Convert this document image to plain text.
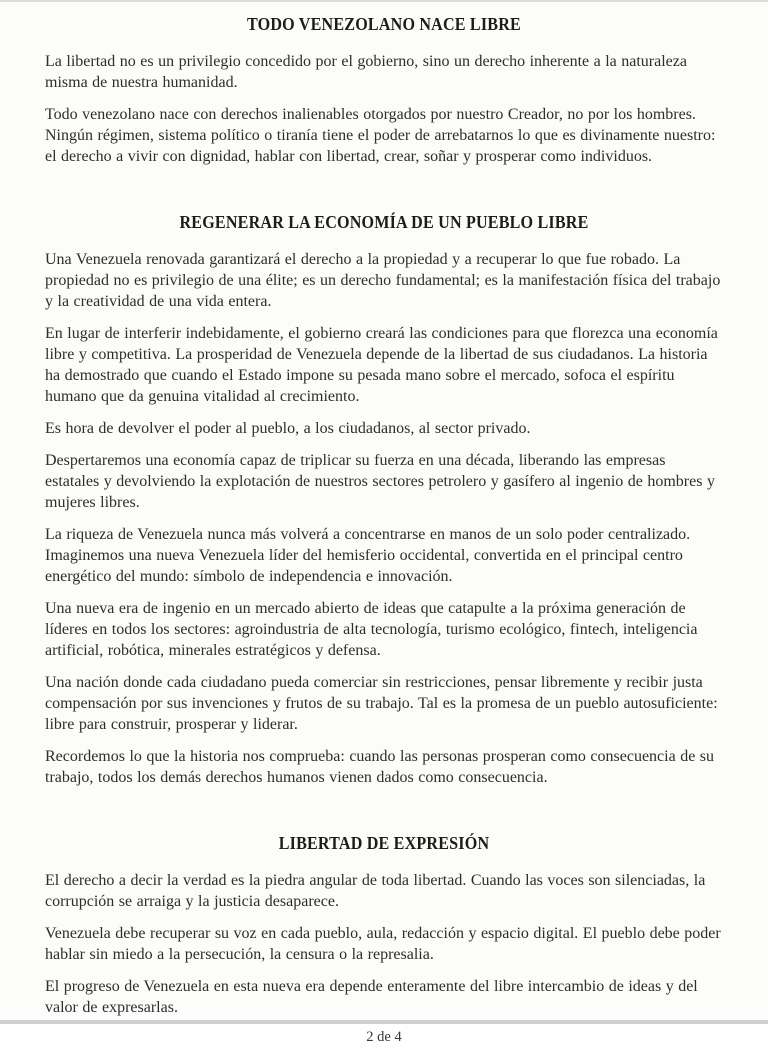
TODO VENEZOLANO NACE LIBRE

La libertad no es un privilegio concedido por el gobierno, sino un derecho inherente a la naturaleza misma de nuestra humanidad.

Todo venezolano nace con derechos inalienables otorgados por nuestro Creador, no por los hombres. Ningún régimen, sistema político o tiranía tiene el poder de arrebatarnos lo que es divinamente nuestro: el derecho a vivir con dignidad, hablar con libertad, crear, soñar y prosperar como individuos.

REGENERAR LA ECONOMÍA DE UN PUEBLO LIBRE

Una Venezuela renovada garantizará el derecho a la propiedad y a recuperar lo que fue robado. La propiedad no es privilegio de una élite; es un derecho fundamental; es la manifestación física del trabajo y la creatividad de una vida entera.

En lugar de interferir indebidamente, el gobierno creará las condiciones para que florezca una economía libre y competitiva. La prosperidad de Venezuela depende de la libertad de sus ciudadanos. La historia ha demostrado que cuando el Estado impone su pesada mano sobre el mercado, sofoca el espíritu humano que da genuina vitalidad al crecimiento.

Es hora de devolver el poder al pueblo, a los ciudadanos, al sector privado.

Despertaremos una economía capaz de triplicar su fuerza en una década, liberando las empresas estatales y devolviendo la explotación de nuestros sectores petrolero y gasífero al ingenio de hombres y mujeres libres.

La riqueza de Venezuela nunca más volverá a concentrarse en manos de un solo poder centralizado. Imaginemos una nueva Venezuela líder del hemisferio occidental, convertida en el principal centro energético del mundo: símbolo de independencia e innovación.

Una nueva era de ingenio en un mercado abierto de ideas que catapulte a la próxima generación de líderes en todos los sectores: agroindustria de alta tecnología, turismo ecológico, fintech, inteligencia artificial, robótica, minerales estratégicos y defensa.

Una nación donde cada ciudadano pueda comerciar sin restricciones, pensar libremente y recibir justa compensación por sus invenciones y frutos de su trabajo. Tal es la promesa de un pueblo autosuficiente: libre para construir, prosperar y liderar.

Recordemos lo que la historia nos comprueba: cuando las personas prosperan como consecuencia de su trabajo, todos los demás derechos humanos vienen dados como consecuencia.

LIBERTAD DE EXPRESIÓN

El derecho a decir la verdad es la piedra angular de toda libertad. Cuando las voces son silenciadas, la corrupción se arraiga y la justicia desaparece.

Venezuela debe recuperar su voz en cada pueblo, aula, redacción y espacio digital. El pueblo debe poder hablar sin miedo a la persecución, la censura o la represalia.

El progreso de Venezuela en esta nueva era depende enteramente del libre intercambio de ideas y del valor de expresarlas.

2 de 4
